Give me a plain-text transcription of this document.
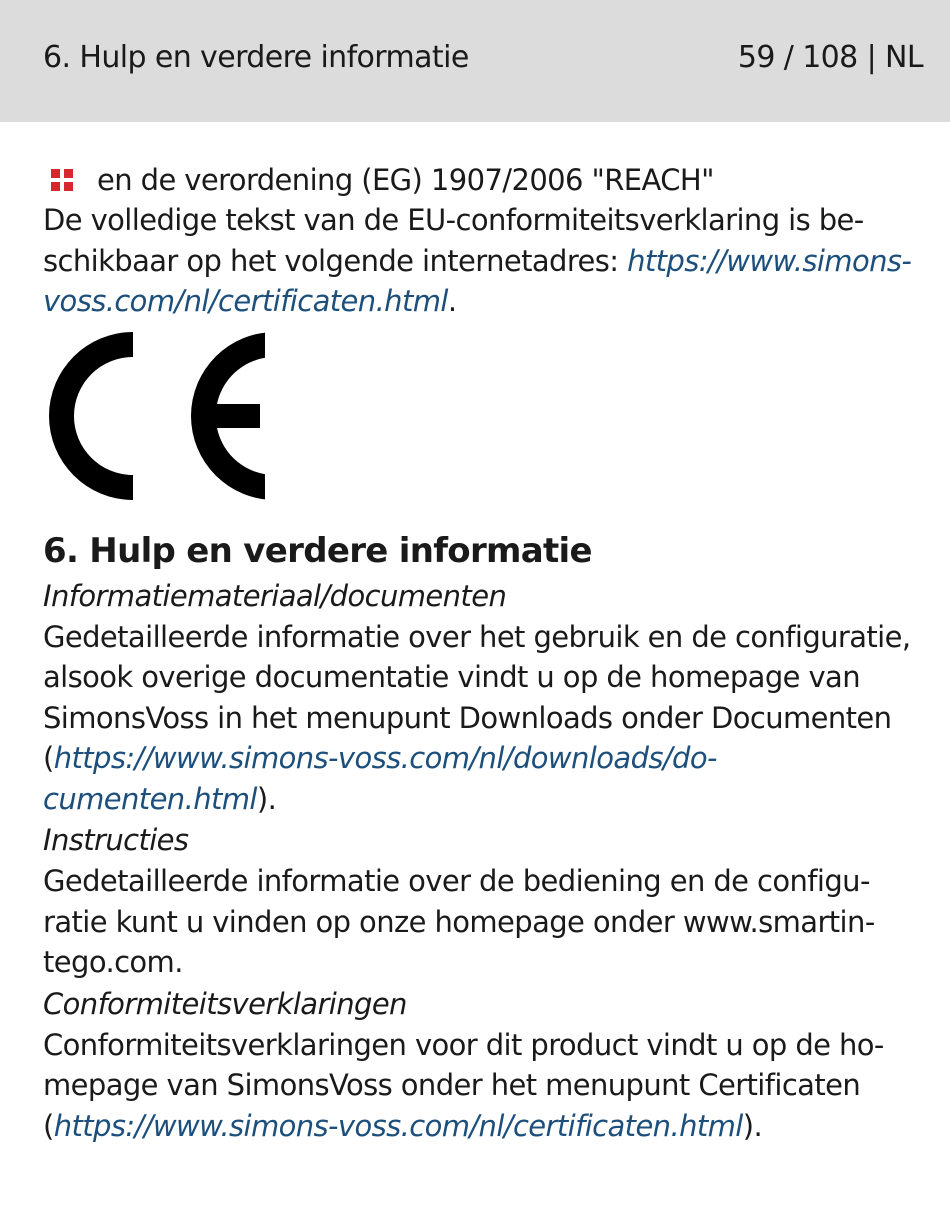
6. Hulp en verdere informatie	59 / 108 | NL
en de verordening (EG) 1907/2006 "REACH"

De volledige tekst van de EU-conformiteitsverklaring is beschikbaar op het volgende internetadres: https://www.simons-voss.com/nl/certificaten.html.

6. Hulp en verdere informatie
Informatiemateriaal/documenten

Gedetailleerde informatie over het gebruik en de configuratie, alsook overige documentatie vindt u op de homepage van SimonsVoss in het menupunt Downloads onder Documenten (https://www.simons-voss.com/nl/downloads/documenten.html).

Instructies

Gedetailleerde informatie over de bediening en de configuratie kunt u vinden op onze homepage onder www.smartintego.com.

Conformiteitsverklaringen

Conformiteitsverklaringen voor dit product vindt u op de homepage van SimonsVoss onder het menupunt Certificaten (https://www.simons-voss.com/nl/certificaten.html).
